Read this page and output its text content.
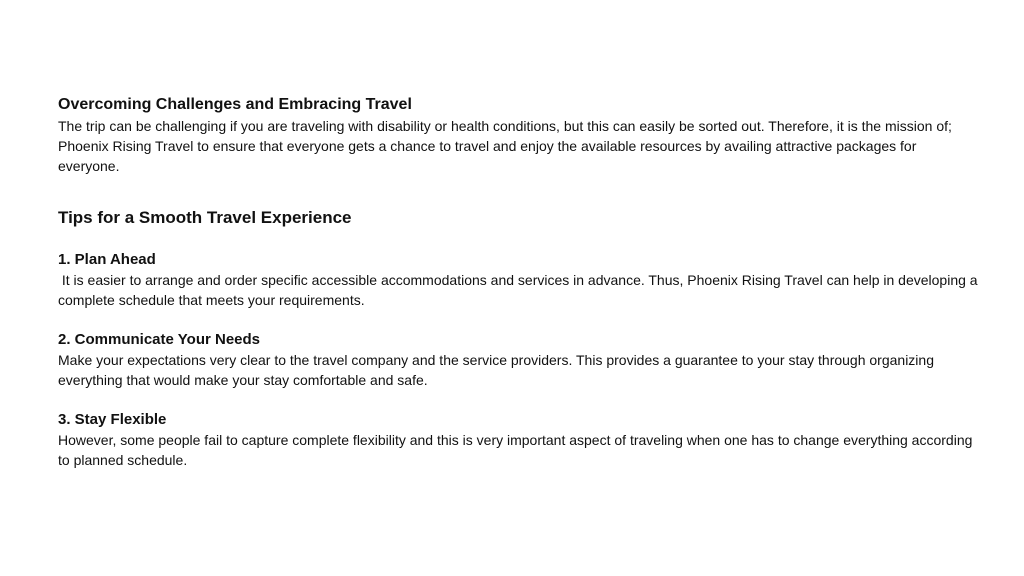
Overcoming Challenges and Embracing Travel

The trip can be challenging if you are traveling with disability or health conditions, but this can easily be sorted out. Therefore, it is the mission of; Phoenix Rising Travel to ensure that everyone gets a chance to travel and enjoy the available resources by availing attractive packages for everyone.

Tips for a Smooth Travel Experience

1. Plan Ahead

It is easier to arrange and order specific accessible accommodations and services in advance. Thus, Phoenix Rising Travel can help in developing a complete schedule that meets your requirements.

2. Communicate Your Needs

Make your expectations very clear to the travel company and the service providers. This provides a guarantee to your stay through organizing everything that would make your stay comfortable and safe.

3. Stay Flexible

However, some people fail to capture complete flexibility and this is very important aspect of traveling when one has to change everything according to planned schedule.
